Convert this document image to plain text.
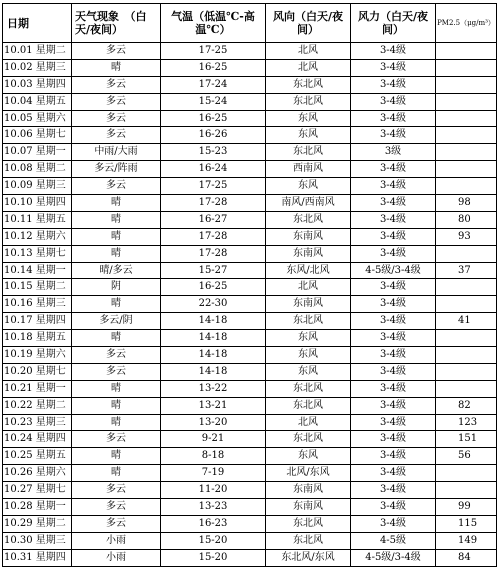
日期	天气现象　（白天/夜间）	气温（低温℃-高温℃）	风向（白天/夜间）	风力（白天/夜间）	PM2.5（μg/m³）
10.01 星期二	多云	17-25	北风	3-4级	
10.02 星期三	晴	16-25	北风	3-4级	
10.03 星期四	多云	17-24	东北风	3-4级	
10.04 星期五	多云	15-24	东北风	3-4级	
10.05 星期六	多云	16-25	东风	3-4级	
10.06 星期七	多云	16-26	东风	3-4级	
10.07 星期一	中雨/大雨	15-23	东北风	3级	
10.08 星期二	多云/阵雨	16-24	西南风	3-4级	
10.09 星期三	多云	17-25	东风	3-4级	
10.10 星期四	晴	17-28	南风/西南风	3-4级	98
10.11 星期五	晴	16-27	东北风	3-4级	80
10.12 星期六	晴	17-28	东南风	3-4级	93
10.13 星期七	晴	17-28	东南风	3-4级	
10.14 星期一	晴/多云	15-27	东风/北风	4-5级/3-4级	37
10.15 星期二	阴	16-25	北风	3-4级	
10.16 星期三	晴	22-30	东南风	3-4级	
10.17 星期四	多云/阴	14-18	东北风	3-4级	41
10.18 星期五	晴	14-18	东风	3-4级	
10.19 星期六	多云	14-18	东风	3-4级	
10.20 星期七	多云	14-18	东风	3-4级	
10.21 星期一	晴	13-22	东北风	3-4级	
10.22 星期二	晴	13-21	东北风	3-4级	82
10.23 星期三	晴	13-20	北风	3-4级	123
10.24 星期四	多云	9-21	东北风	3-4级	151
10.25 星期五	晴	8-18	东风	3-4级	56
10.26 星期六	晴	7-19	北风/东风	3-4级	
10.27 星期七	多云	11-20	东南风	3-4级	
10.28 星期一	多云	13-23	东南风	3-4级	99
10.29 星期二	多云	16-23	东北风	3-4级	115
10.30 星期三	小雨	15-20	东北风	4-5级	149
10.31 星期四	小雨	15-20	东北风/东风	4-5级/3-4级	84
